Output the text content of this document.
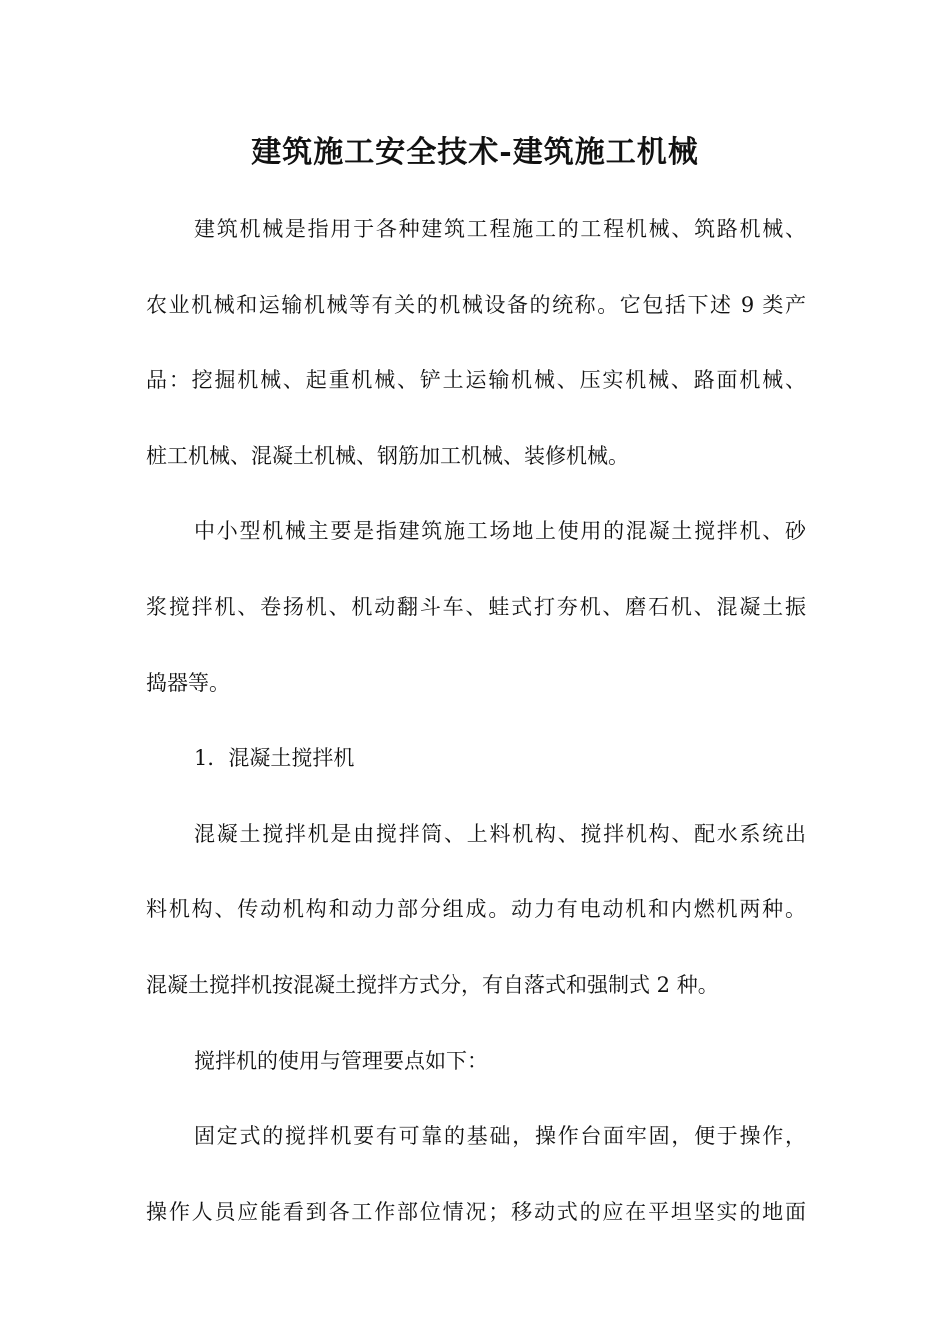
建筑施工安全技术-建筑施工机械
建筑机械是指用于各种建筑工程施工的工程机械、筑路机械、
农业机械和运输机械等有关的机械设备的统称。它包括下述 9 类产
品：挖掘机械、起重机械、铲土运输机械、压实机械、路面机械、
桩工机械、混凝土机械、钢筋加工机械、装修机械。
中小型机械主要是指建筑施工场地上使用的混凝土搅拌机、砂
浆搅拌机、卷扬机、机动翻斗车、蛙式打夯机、磨石机、混凝土振
捣器等。
1．混凝土搅拌机
混凝土搅拌机是由搅拌筒、上料机构、搅拌机构、配水系统出
料机构、传动机构和动力部分组成。动力有电动机和内燃机两种。
混凝土搅拌机按混凝土搅拌方式分，有自落式和强制式 2 种。
搅拌机的使用与管理要点如下：
固定式的搅拌机要有可靠的基础，操作台面牢固，便于操作，
操作人员应能看到各工作部位情况；移动式的应在平坦坚实的地面
